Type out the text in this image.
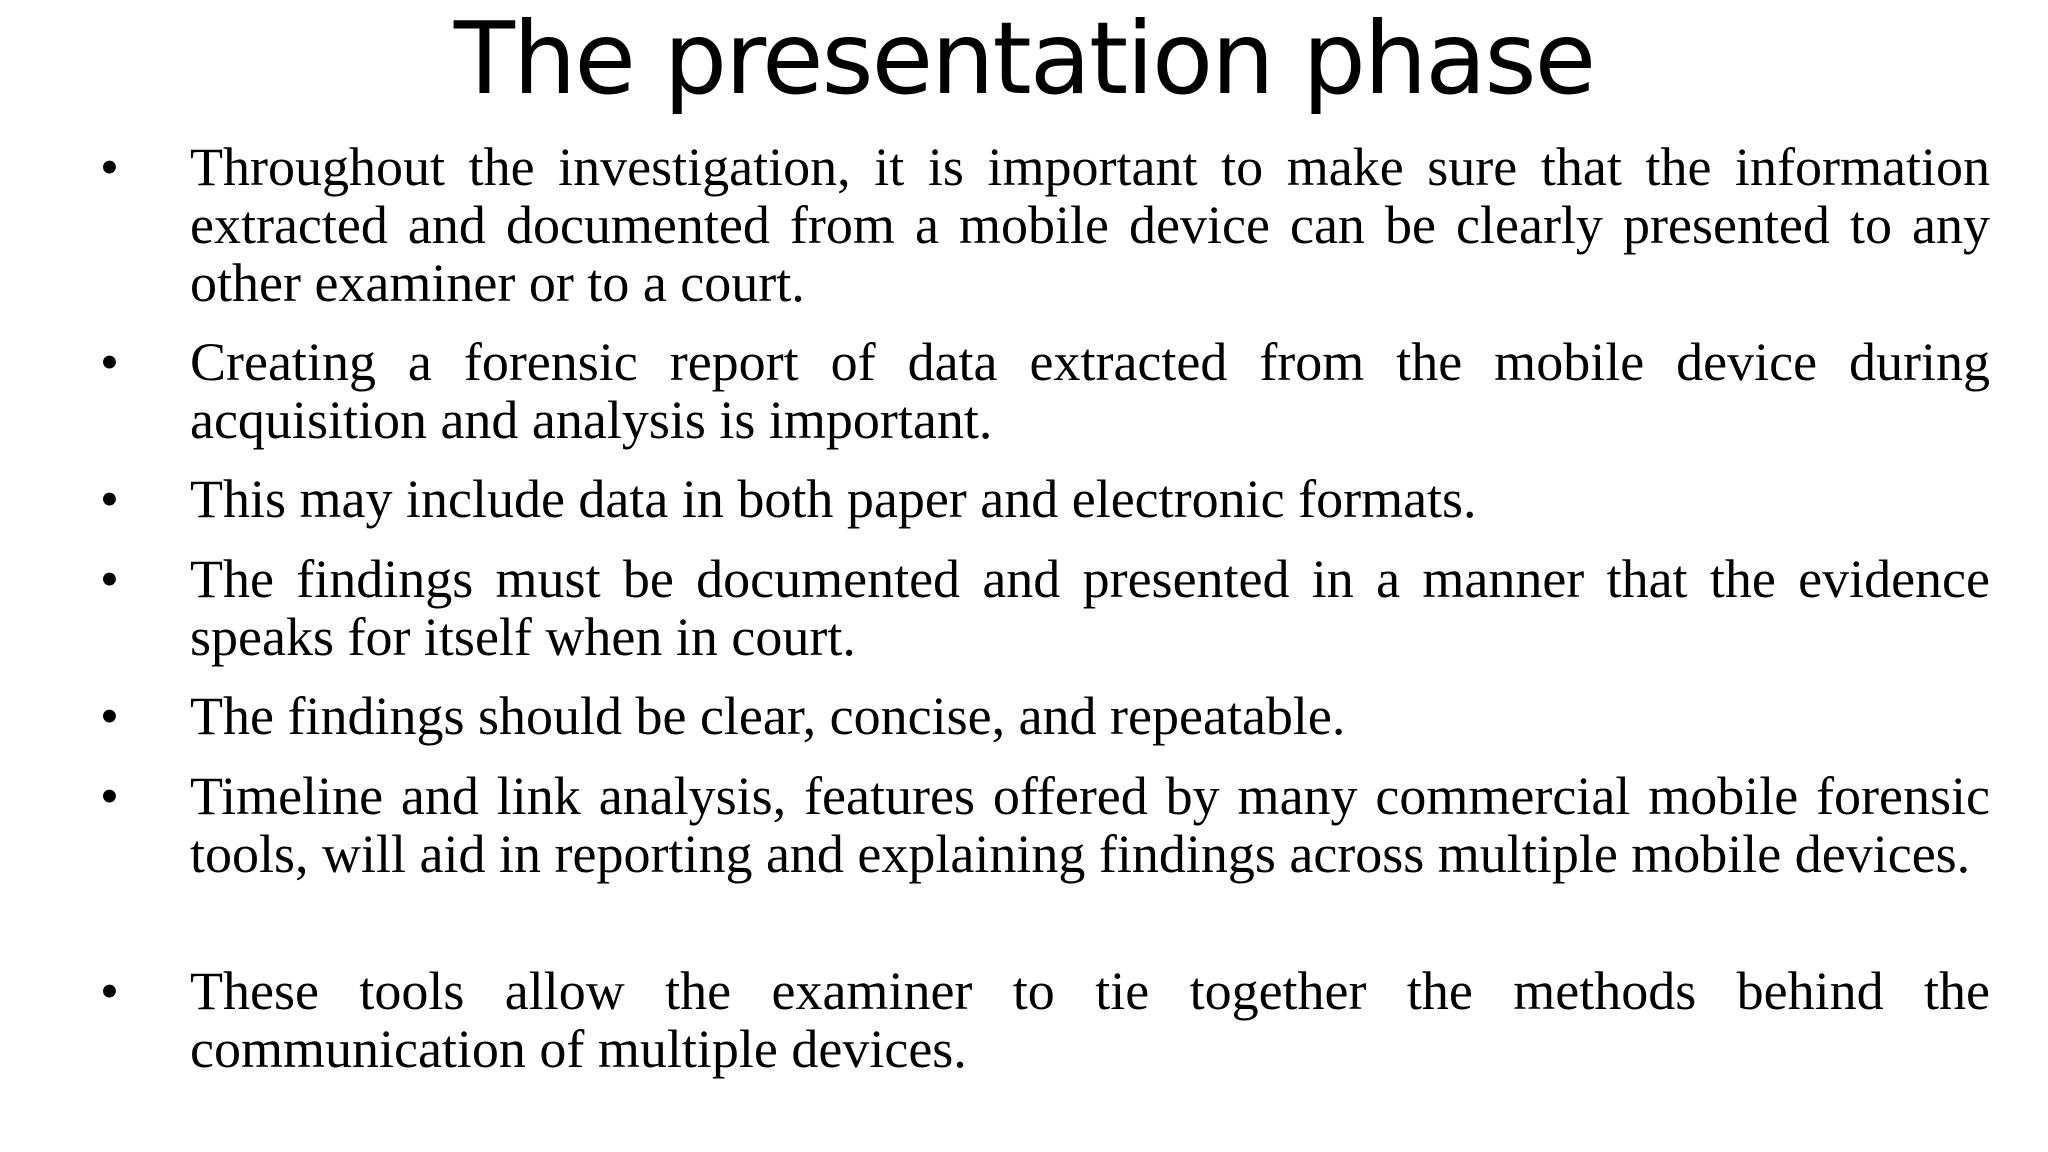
The presentation phase
•	Throughout the investigation, it is important to make sure that the information extracted and documented from a mobile device can be clearly presented to any other examiner or to a court.
•	Creating a forensic report of data extracted from the mobile device during acquisition and analysis is important.
•	This may include data in both paper and electronic formats.
•	The findings must be documented and presented in a manner that the evidence speaks for itself when in court.
•	The findings should be clear, concise, and repeatable.
•	Timeline and link analysis, features offered by many commercial mobile forensic tools, will aid in reporting and explaining findings across multiple mobile devices.
•	These tools allow the examiner to tie together the methods behind the communication of multiple devices.
